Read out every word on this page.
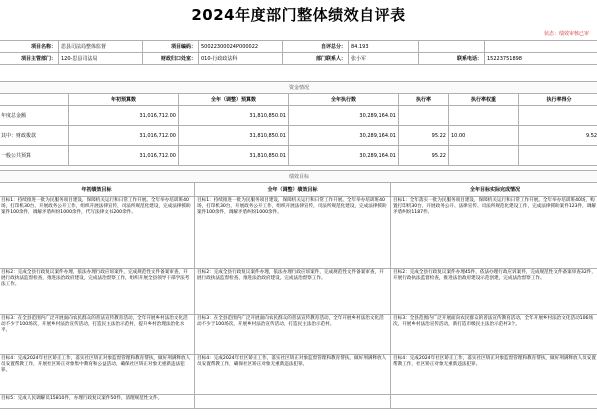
2024年度部门整体绩效自评表
状态：绩效审核已审
项目名称：	思县司法局整体监督	项目编码：	50022300024P000022	自评总分：	84.193		
项目主管部门：	120-思县司法局	财政归口处室：	010-行政政法科	部门联系人：	张小军	联系电话：	15223751898
资金情况						
	年初预算数	全年（调整）预算数	全年执行数	执行率	执行率权重	执行率得分
年度总金额	31,016,712.00	31,810,850.01	30,289,164.01			
其中：财政拨款	31,016,712.00	31,810,850.01	30,289,164.01	95.22	10.00	9.52
一般公共预算	31,016,712.00	31,810,850.01	30,289,164.01	95.22		
绩效目标		
年初绩效目标	全年（调整）绩效目标	全年目标实际完成情况
目标1：持续推进一批为民服务项目建设，保障机关运行和日常工作开展。全年举办培训班40场，打印机30台，开展政务公开工作，组织开展法律宣传，司法所规范化建设，完成法律援助案件100余件，调解矛盾纠纷1000余件，代写法律文书200余件。	目标1：持续推进一批为民服务项目建设，保障机关运行和日常工作开展。全年举办培训班40场，打印机30台，开展政务公开工作，组织开展法律宣传，司法所规范化建设，完成法律援助案件100余件，调解矛盾纠纷1000余件。	目标1：全年落实一批为民服务项目建设，保障机关运行和日常工作开展。全年举办培训班40场，购置打印机30台，开展政务公开、法律宣传、司法所规范化建设工作，完成法律援助案件123件，调解矛盾纠纷1187件。
目标2：完成全县行政复议案件办理，依法办理行政应诉案件，完成规范性文件备案审查，开展行政执法监督检查，推进法治政府建设，完成法治督察工作，组织开展全县领导干部学法考法工作。	目标2：完成全县行政复议案件办理，依法办理行政应诉案件，完成规范性文件备案审查，开展行政执法监督检查，推进法治政府建设，完成法治督察工作。	目标2：完成全县行政复议案件办理45件，依法办理行政应诉案件，完成规范性文件备案审查32件，开展行政执法监督检查，推进法治政府建设示范创建，完成法治督察工作。
目标3：在全县范围内广泛开展面向农民群众的普法宣传教育活动，全年开展乡村法治文化活动不少于100场次，开展乡村法治宣传活动，打造民主法治示范村，提升乡村治理法治化水平。	目标3：在全县范围内广泛开展面向农民群众的普法宣传教育活动，全年开展乡村法治文化活动不少于100场次，开展乡村法治宣传活动，打造民主法治示范村。	目标3：全县范围内广泛开展面向农民群众的普法宣传教育活动，全年开展乡村法治文化活动106场次，开展乡村法治宣传活动，新打造市级民主法治示范村3个。
目标4：完成2024年社区矫正工作，落实社区矫正对象监督管理和教育帮扶，做好刑满释放人员安置帮教工作，开展社区矫正对象集中教育和公益活动，确保社区矫正对象无重新违法犯罪。	目标4：完成2024年社区矫正工作，落实社区矫正对象监督管理和教育帮扶，做好刑满释放人员安置帮教工作，确保社区矫正对象无重新违法犯罪。	目标4：完成2024年社区矫正工作，落实社区矫正对象监督管理和教育帮扶，做好刑满释放人员安置帮教工作，社区矫正对象无重新违法犯罪。
目标5：完成人民调解员15810件，办理行政复议案件50件，清理规范性文件。		
